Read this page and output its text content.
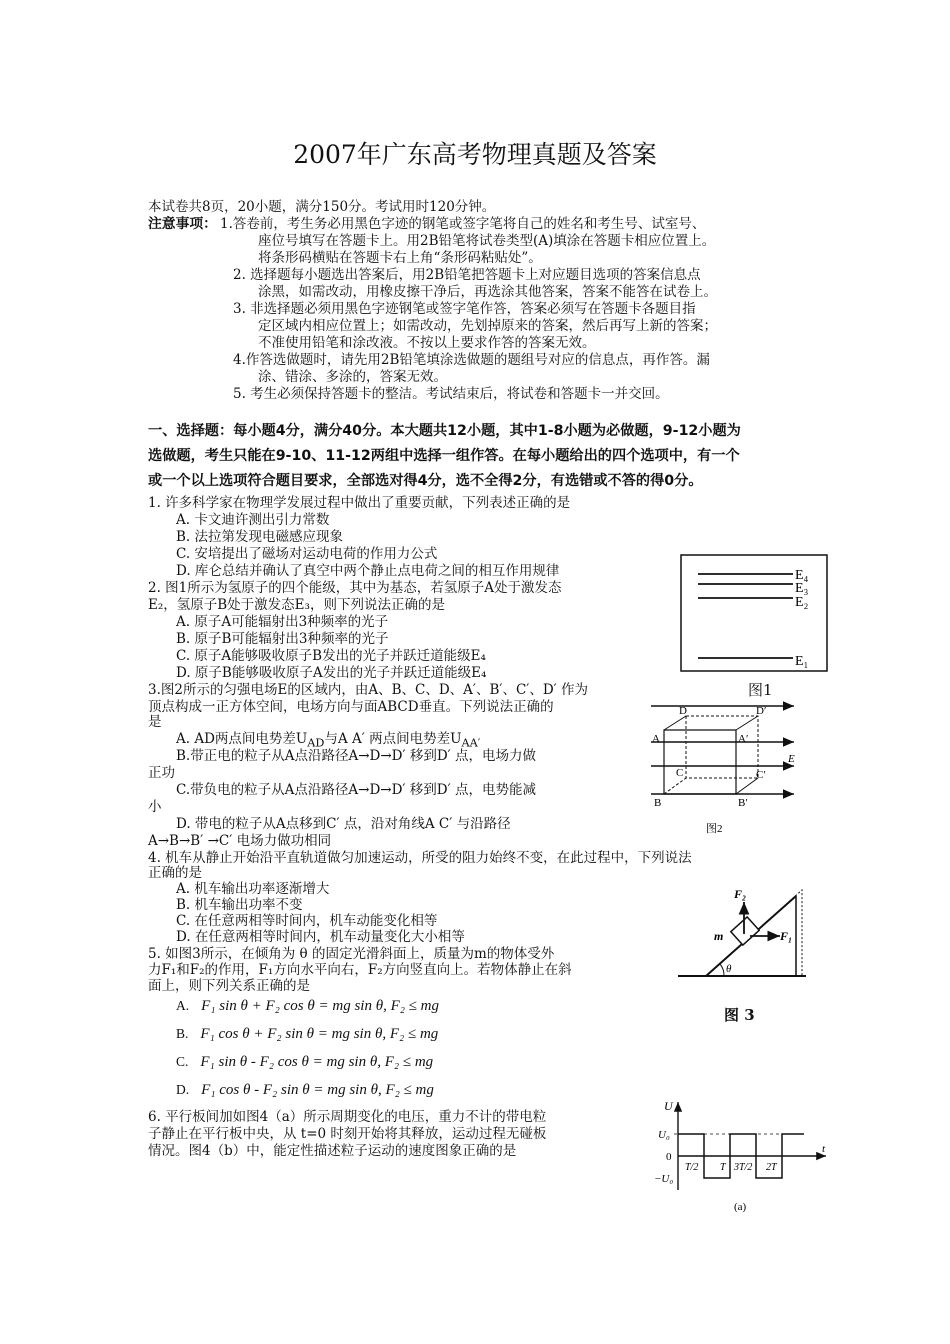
2007年广东高考物理真题及答案
本试卷共8页，20小题，满分150分。考试用时120分钟。
注意事项： 1.答卷前，考生务必用黑色字迹的钢笔或签字笔将自己的姓名和考生号、试室号、
座位号填写在答题卡上。用2B铅笔将试卷类型(A)填涂在答题卡相应位置上。
将条形码横贴在答题卡右上角“条形码粘贴处”。
2. 选择题每小题选出答案后，用2B铅笔把答题卡上对应题目选项的答案信息点
涂黑，如需改动，用橡皮擦干净后，再选涂其他答案，答案不能答在试卷上。
3. 非选择题必须用黑色字迹钢笔或签字笔作答，答案必须写在答题卡各题目指
定区域内相应位置上；如需改动，先划掉原来的答案，然后再写上新的答案；
不准使用铅笔和涂改液。不按以上要求作答的答案无效。
4.作答选做题时，请先用2B铅笔填涂选做题的题组号对应的信息点，再作答。漏
涂、错涂、多涂的，答案无效。
5. 考生必须保持答题卡的整洁。考试结束后，将试卷和答题卡一并交回。
一、选择题：每小题4分，满分40分。本大题共12小题，其中1-8小题为必做题，9-12小题为
选做题，考生只能在9-10、11-12两组中选择一组作答。在每小题给出的四个选项中，有一个
或一个以上选项符合题目要求，全部选对得4分，选不全得2分，有选错或不答的得0分。
1. 许多科学家在物理学发展过程中做出了重要贡献，下列表述正确的是
A. 卡文迪许测出引力常数
B. 法拉第发现电磁感应现象
C. 安培提出了磁场对运动电荷的作用力公式
D. 库仑总结并确认了真空中两个静止点电荷之间的相互作用规律
2. 图1所示为氢原子的四个能级，其中为基态，若氢原子A处于激发态
E₂，氢原子B处于激发态E₃，则下列说法正确的是
A. 原子A可能辐射出3种频率的光子
B. 原子B可能辐射出3种频率的光子
C. 原子A能够吸收原子B发出的光子并跃迁道能级E₄
D. 原子B能够吸收原子A发出的光子并跃迁道能级E₄
E₄
E₃
E₂
E₁
图1
3.图2所示的匀强电场E的区域内，由A、B、C、D、A′、B′、C′、D′ 作为
顶点构成一正方体空间，电场方向与面ABCD垂直。下列说法正确的
是
A. AD两点间电势差$U_{AD}$与A A′ 两点间电势差$U_{AA'}$
B.带正电的粒子从A点沿路径A→D→D′ 移到D′ 点，电场力做
正功
C.带负电的粒子从A点沿路径A→D→D′ 移到D′ 点，电势能减
小
D. 带电的粒子从A点移到C′ 点，沿对角线A C′ 与沿路径
A→B→B′ →C′ 电场力做功相同
D	D′
A	A′
C	C′
B	B′
E
图2
4. 机车从静止开始沿平直轨道做匀加速运动，所受的阻力始终不变，在此过程中，下列说法
正确的是
A. 机车输出功率逐渐增大
B. 机车输出功率不变
C. 在任意两相等时间内，机车动能变化相等
D. 在任意两相等时间内，机车动量变化大小相等
F₂
F₁
m
θ
图 3
5. 如图3所示，在倾角为 θ 的固定光滑斜面上，质量为m的物体受外
力F₁和F₂的作用，F₁方向水平向右，F₂方向竖直向上。若物体静止在斜
面上，则下列关系正确的是
A. F₁ sin θ + F₂ cos θ = mg sin θ, F₂ ≤ mg
B. F₁ cos θ + F₂ sin θ = mg sin θ, F₂ ≤ mg
C. F₁ sin θ - F₂ cos θ = mg sin θ, F₂ ≤ mg
D. F₁ cos θ - F₂ sin θ = mg sin θ, F₂ ≤ mg
6. 平行板间加如图4（a）所示周期变化的电压，重力不计的带电粒
子静止在平行板中央，从 t=0 时刻开始将其释放，运动过程无碰板
情况。图4（b）中，能定性描述粒子运动的速度图象正确的是
U
U₀
0
−U₀
T/2 T 3T/2 2T
t
(a)
